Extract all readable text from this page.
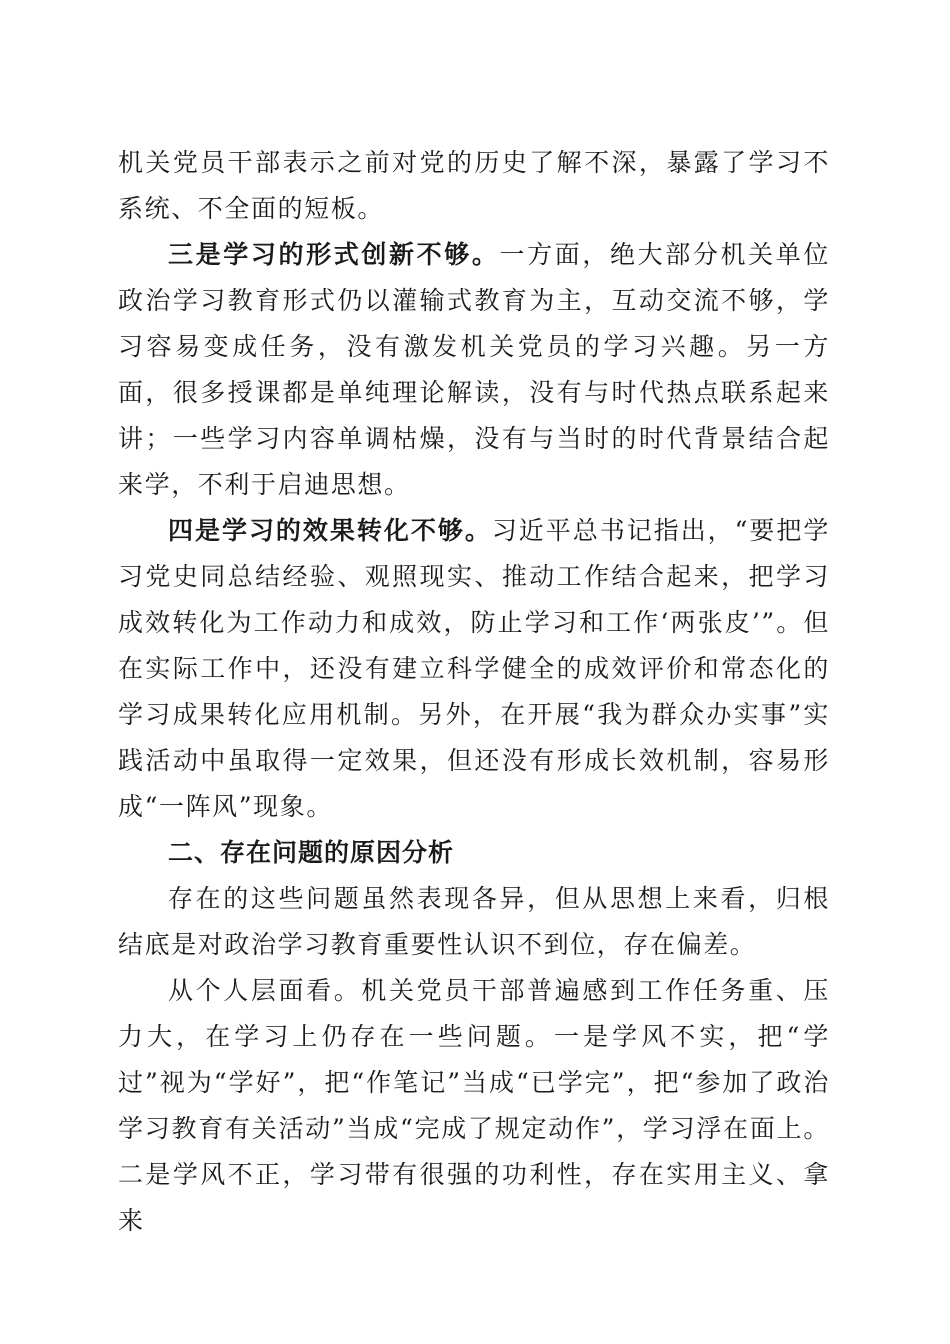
机关党员干部表示之前对党的历史了解不深，暴露了学习不系统、不全面的短板。

三是学习的形式创新不够。一方面，绝大部分机关单位政治学习教育形式仍以灌输式教育为主，互动交流不够，学习容易变成任务，没有激发机关党员的学习兴趣。另一方面，很多授课都是单纯理论解读，没有与时代热点联系起来讲；一些学习内容单调枯燥，没有与当时的时代背景结合起来学，不利于启迪思想。

四是学习的效果转化不够。习近平总书记指出，“要把学习党史同总结经验、观照现实、推动工作结合起来，把学习成效转化为工作动力和成效，防止学习和工作‘两张皮’”。但在实际工作中，还没有建立科学健全的成效评价和常态化的学习成果转化应用机制。另外，在开展“我为群众办实事”实践活动中虽取得一定效果，但还没有形成长效机制，容易形成“一阵风”现象。

二、存在问题的原因分析

存在的这些问题虽然表现各异，但从思想上来看，归根结底是对政治学习教育重要性认识不到位，存在偏差。

从个人层面看。机关党员干部普遍感到工作任务重、压力大，在学习上仍存在一些问题。一是学风不实，把“学过”视为“学好”，把“作笔记”当成“已学完”，把“参加了政治学习教育有关活动”当成“完成了规定动作”，学习浮在面上。二是学风不正，学习带有很强的功利性，存在实用主义、拿来
